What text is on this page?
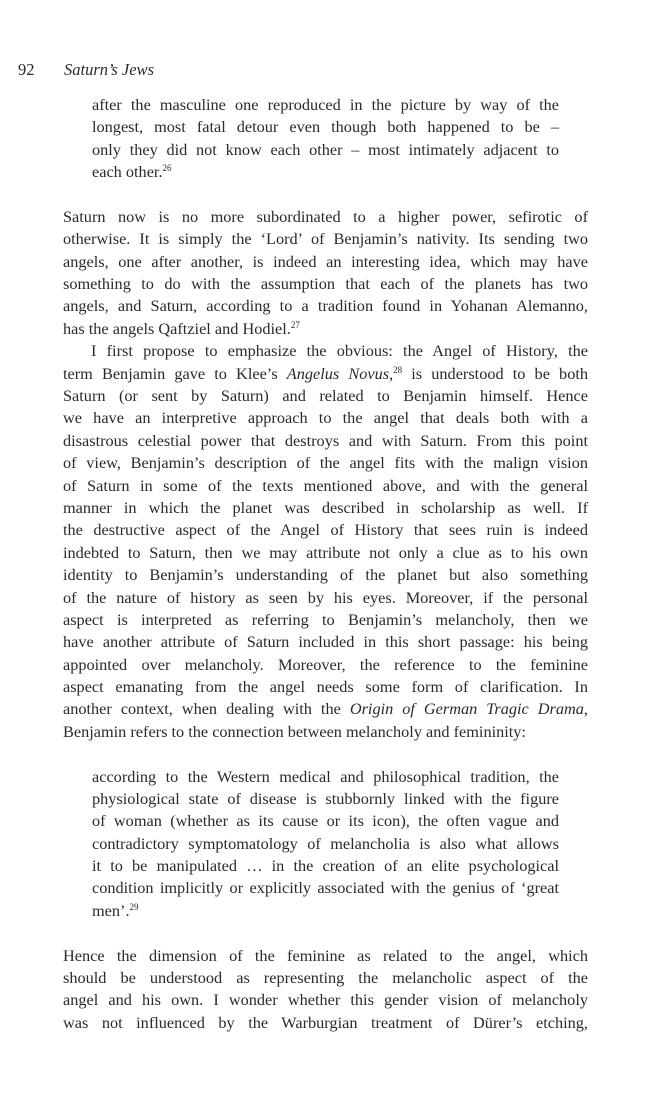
92 Saturn’s Jews
after the masculine one reproduced in the picture by way of the
longest, most fatal detour even though both happened to be –
only they did not know each other – most intimately adjacent to
each other.$^{26}$
Saturn now is no more subordinated to a higher power, sefirotic of
otherwise. It is simply the ‘Lord’ of Benjamin’s nativity. Its sending two
angels, one after another, is indeed an interesting idea, which may have
something to do with the assumption that each of the planets has two
angels, and Saturn, according to a tradition found in Yohanan Alemanno,
has the angels Qaftziel and Hodiel.$^{27}$
I first propose to emphasize the obvious: the Angel of History, the
term Benjamin gave to Klee’s Angelus Novus,$^{28}$ is understood to be both
Saturn (or sent by Saturn) and related to Benjamin himself. Hence
we have an interpretive approach to the angel that deals both with a
disastrous celestial power that destroys and with Saturn. From this point
of view, Benjamin’s description of the angel fits with the malign vision
of Saturn in some of the texts mentioned above, and with the general
manner in which the planet was described in scholarship as well. If
the destructive aspect of the Angel of History that sees ruin is indeed
indebted to Saturn, then we may attribute not only a clue as to his own
identity to Benjamin’s understanding of the planet but also something
of the nature of history as seen by his eyes. Moreover, if the personal
aspect is interpreted as referring to Benjamin’s melancholy, then we
have another attribute of Saturn included in this short passage: his being
appointed over melancholy. Moreover, the reference to the feminine
aspect emanating from the angel needs some form of clarification. In
another context, when dealing with the Origin of German Tragic Drama,
Benjamin refers to the connection between melancholy and femininity:
according to the Western medical and philosophical tradition, the
physiological state of disease is stubbornly linked with the figure
of woman (whether as its cause or its icon), the often vague and
contradictory symptomatology of melancholia is also what allows
it to be manipulated … in the creation of an elite psychological
condition implicitly or explicitly associated with the genius of ‘great
men’.$^{29}$
Hence the dimension of the feminine as related to the angel, which
should be understood as representing the melancholic aspect of the
angel and his own. I wonder whether this gender vision of melancholy
was not influenced by the Warburgian treatment of Dürer’s etching,
